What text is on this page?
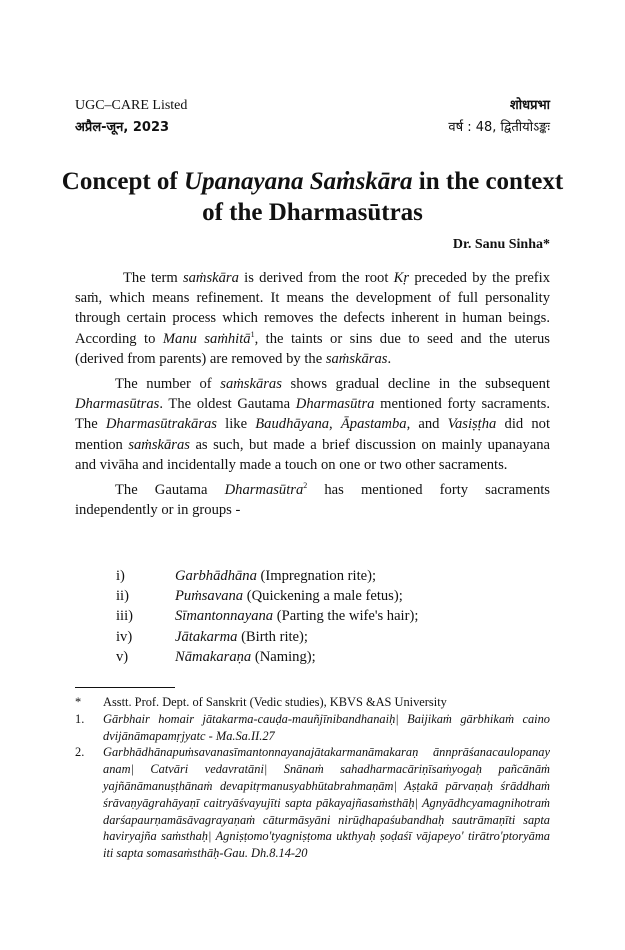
UGC–CARE Listed
अप्रैल-जून, 2023
शोधप्रभा
वर्ष : 48, द्वितीयोऽङ्कः
Concept of Upanayana Saṁskāra in the context of the Dharmasūtras
Dr. Sanu Sinha*

The term saṁskāra is derived from the root Kṛ preceded by the prefix saṁ, which means refinement. It means the development of full personality through certain process which removes the defects inherent in human beings. According to Manu saṁhitā$^1$, the taints or sins due to seed and the uterus (derived from parents) are removed by the saṁskāras.

The number of saṁskāras shows gradual decline in the subsequent Dharmasūtras. The oldest Gautama Dharmasūtra mentioned forty sacraments. The Dharmasūtrakāras like Baudhāyana, Āpastamba, and Vasiṣṭha did not mention saṁskāras as such, but made a brief discussion on mainly upanayana and vivāha and incidentally made a touch on one or two other sacraments.

The Gautama Dharmasūtra$^2$ has mentioned forty sacraments independently or in groups -

i)	Garbhādhāna (Impregnation rite);
ii)	Puṁsavana (Quickening a male fetus);
iii)	Sīmantonnayana (Parting the wife's hair);
iv)	Jātakarma (Birth rite);
v)	Nāmakaraṇa (Naming);
*	Asstt. Prof. Dept. of Sanskrit (Vedic studies), KBVS &AS University
1.	Gārbhair homair jātakarma-cauḍa-mauñjīnibandhanaiḥ| Baijikaṁ gārbhikaṁ caino dvijānāmapamṛjyatc - Ma.Sa.II.27
2.	Garbhādhānapuṁsavanasīmantonnayanajātakarmanāmakaraṇ ānnprāśanacaulopanay anam| Catvāri vedavratāni| Snānaṁ sahadharmacāriṇīsaṁyogaḥ pañcānāṁ yajñānāmanuṣṭhānaṁ devapitṛmanusyabhūtabrahmaṇām| Aṣṭakā pārvaṇaḥ śrāddhaṁ śrāvaṇyāgrahāyaṇī caitryāśvayujīti sapta pākayajñasaṁsthāḥ| Agnyādhcyamagnihotraṁ darśapaurṇamāsāvagrayaṇaṁ cāturmāsyāni nirūḍhapaśubandhaḥ sautrāmaṇīti sapta haviryajña saṁsthaḥ| Agniṣṭomo'tyagniṣṭoma ukthyaḥ ṣoḍaśī vājapeyo' tirātro'ptoryāma iti sapta somasaṁsthāḥ-Gau. Dh.8.14-20
